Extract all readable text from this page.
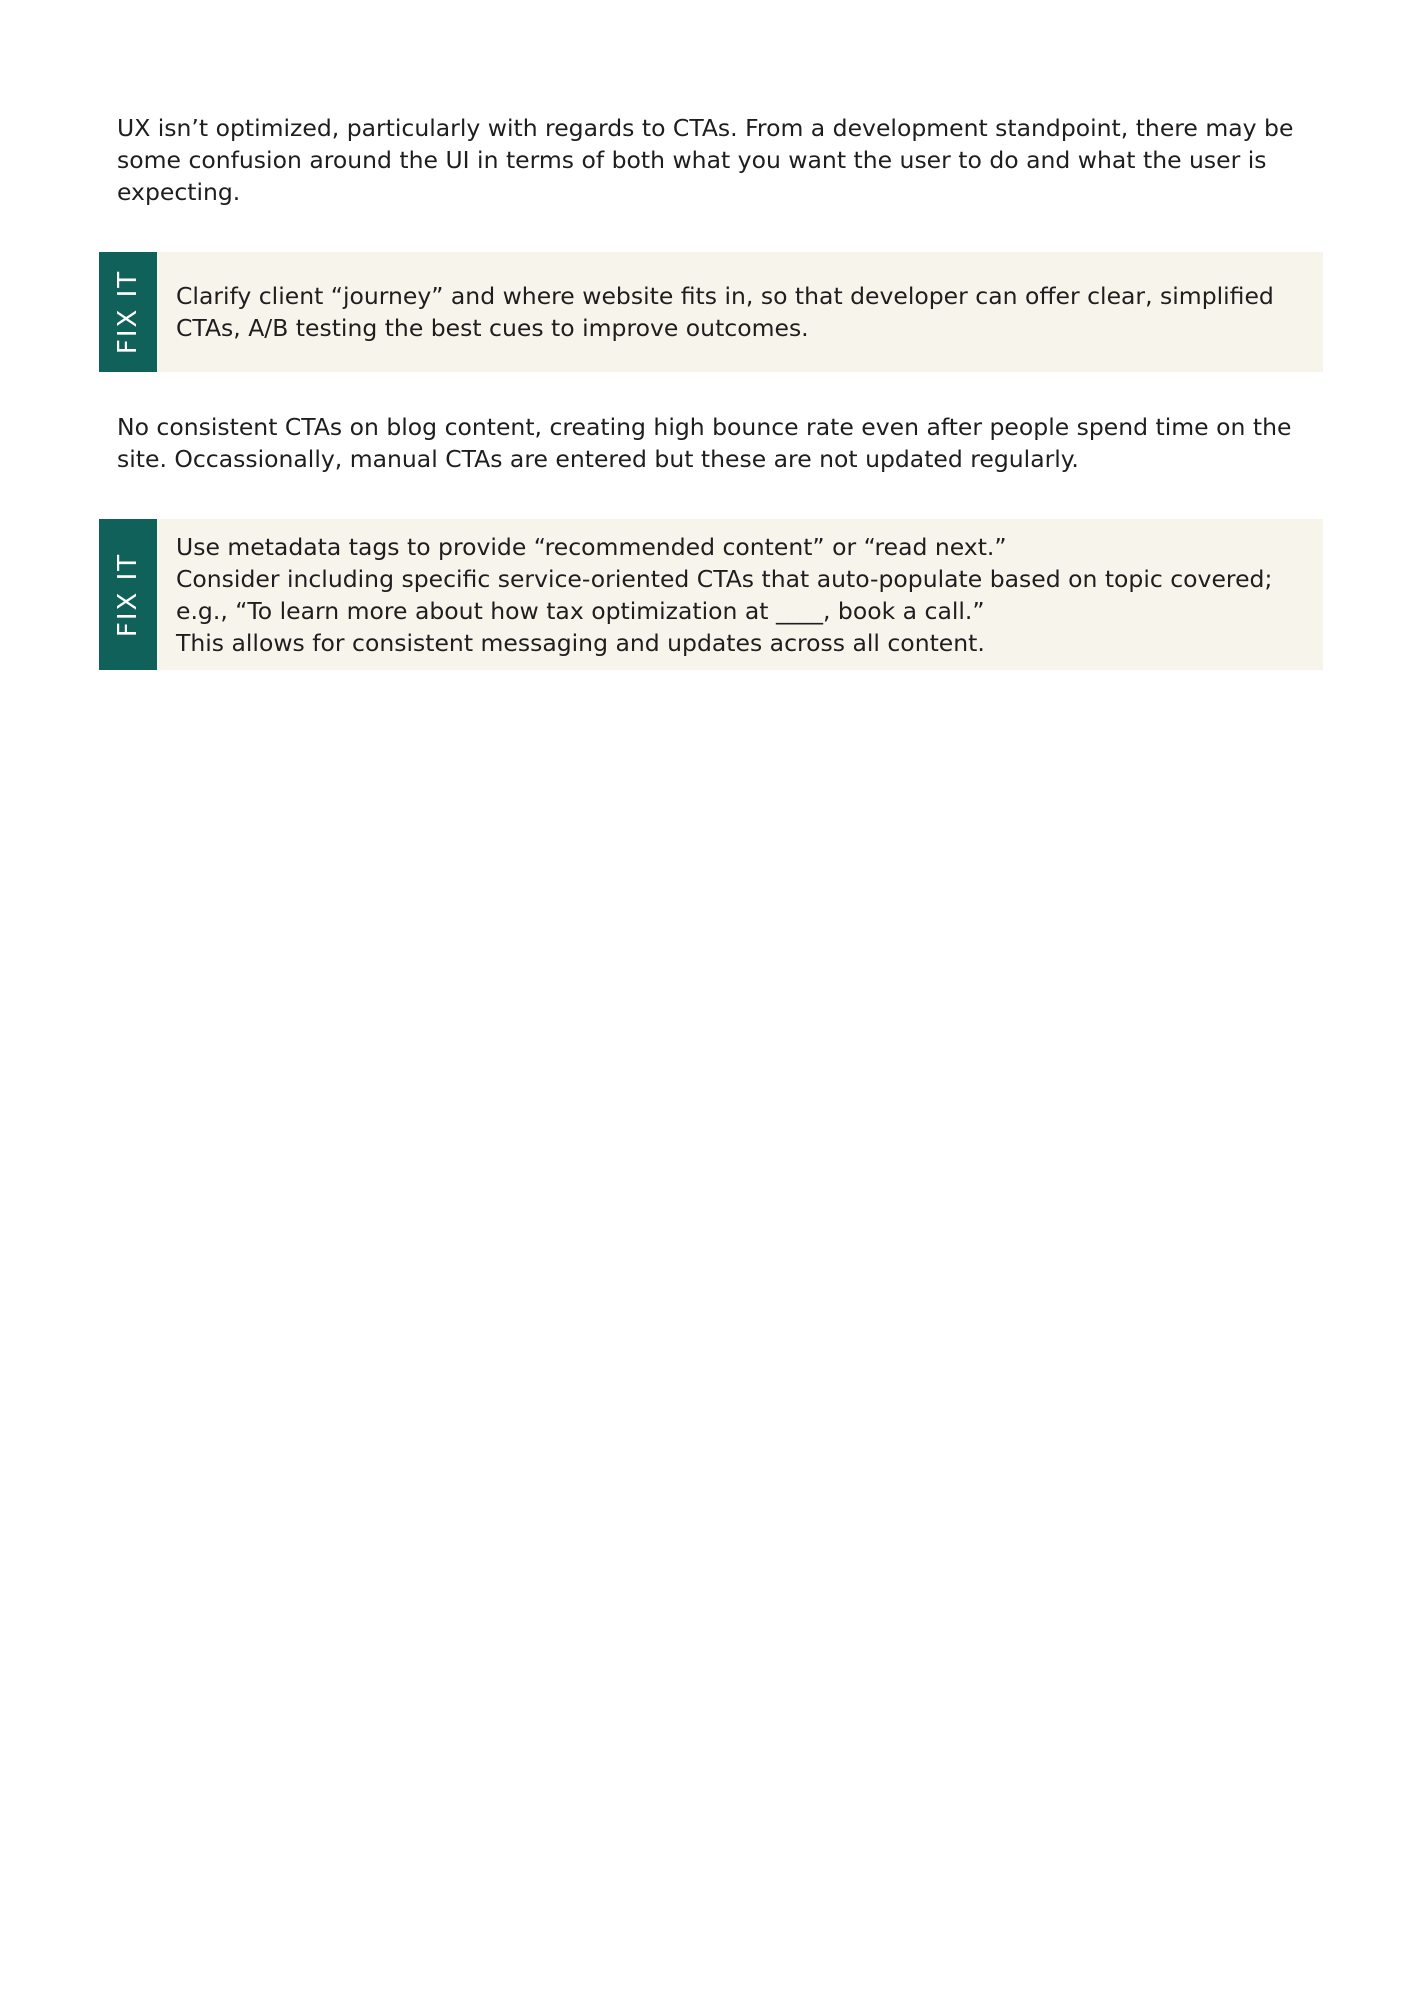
UX isn’t optimized, particularly with regards to CTAs. From a development standpoint, there may be
some confusion around the UI in terms of both what you want the user to do and what the user is
expecting.

FIX IT Clarify client “journey” and where website fits in, so that developer can offer clear, simplified
CTAs, A/B testing the best cues to improve outcomes.

No consistent CTAs on blog content, creating high bounce rate even after people spend time on the
site. Occassionally, manual CTAs are entered but these are not updated regularly.

FIX IT
Use metadata tags to provide “recommended content” or “read next.”
Consider including specific service-oriented CTAs that auto-populate based on topic covered;
e.g., “To learn more about how tax optimization at ____, book a call.”
This allows for consistent messaging and updates across all content.
